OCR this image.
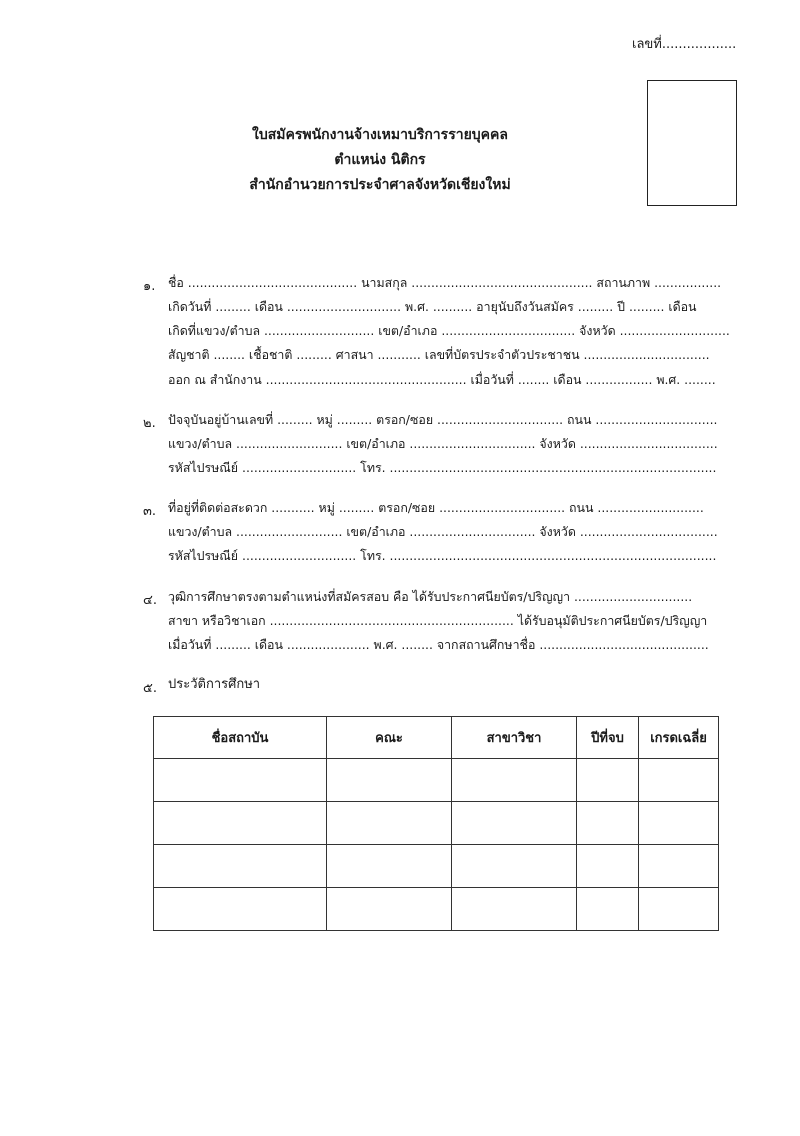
เลขที่..................
ใบสมัครพนักงานจ้างเหมาบริการรายบุคคล
ตำแหน่ง นิติกร
สำนักอำนวยการประจำศาลจังหวัดเชียงใหม่
๑. ชื่อ ........................................... นามสกุล .............................................. สถานภาพ .................
เกิดวันที่ ......... เดือน ............................. พ.ศ. .......... อายุนับถึงวันสมัคร ......... ปี ......... เดือน
เกิดที่แขวง/ตำบล ............................ เขต/อำเภอ .................................. จังหวัด ............................
สัญชาติ ........ เชื้อชาติ ......... ศาสนา ........... เลขที่บัตรประจำตัวประชาชน ................................
ออก ณ สำนักงาน ................................................... เมื่อวันที่ ........ เดือน ................. พ.ศ. ........
๒. ปัจจุบันอยู่บ้านเลขที่ ......... หมู่ ......... ตรอก/ซอย ................................ ถนน ...............................
แขวง/ตำบล ........................... เขต/อำเภอ ................................ จังหวัด ...................................
รหัสไปรษณีย์ ............................. โทร. ...................................................................................
๓. ที่อยู่ที่ติดต่อสะดวก ........... หมู่ ......... ตรอก/ซอย ................................ ถนน ...........................
แขวง/ตำบล ........................... เขต/อำเภอ ................................ จังหวัด ...................................
รหัสไปรษณีย์ ............................. โทร. ...................................................................................
๔. วุฒิการศึกษาตรงตามตำแหน่งที่สมัครสอบ คือ ได้รับประกาศนียบัตร/ปริญญา ..............................
สาขา หรือวิชาเอก .............................................................. ได้รับอนุมัติประกาศนียบัตร/ปริญญา
เมื่อวันที่ ......... เดือน ..................... พ.ศ. ........ จากสถานศึกษาชื่อ ...........................................
๕. ประวัติการศึกษา
ชื่อสถาบัน	คณะ	สาขาวิชา	ปีที่จบ	เกรดเฉลี่ย
